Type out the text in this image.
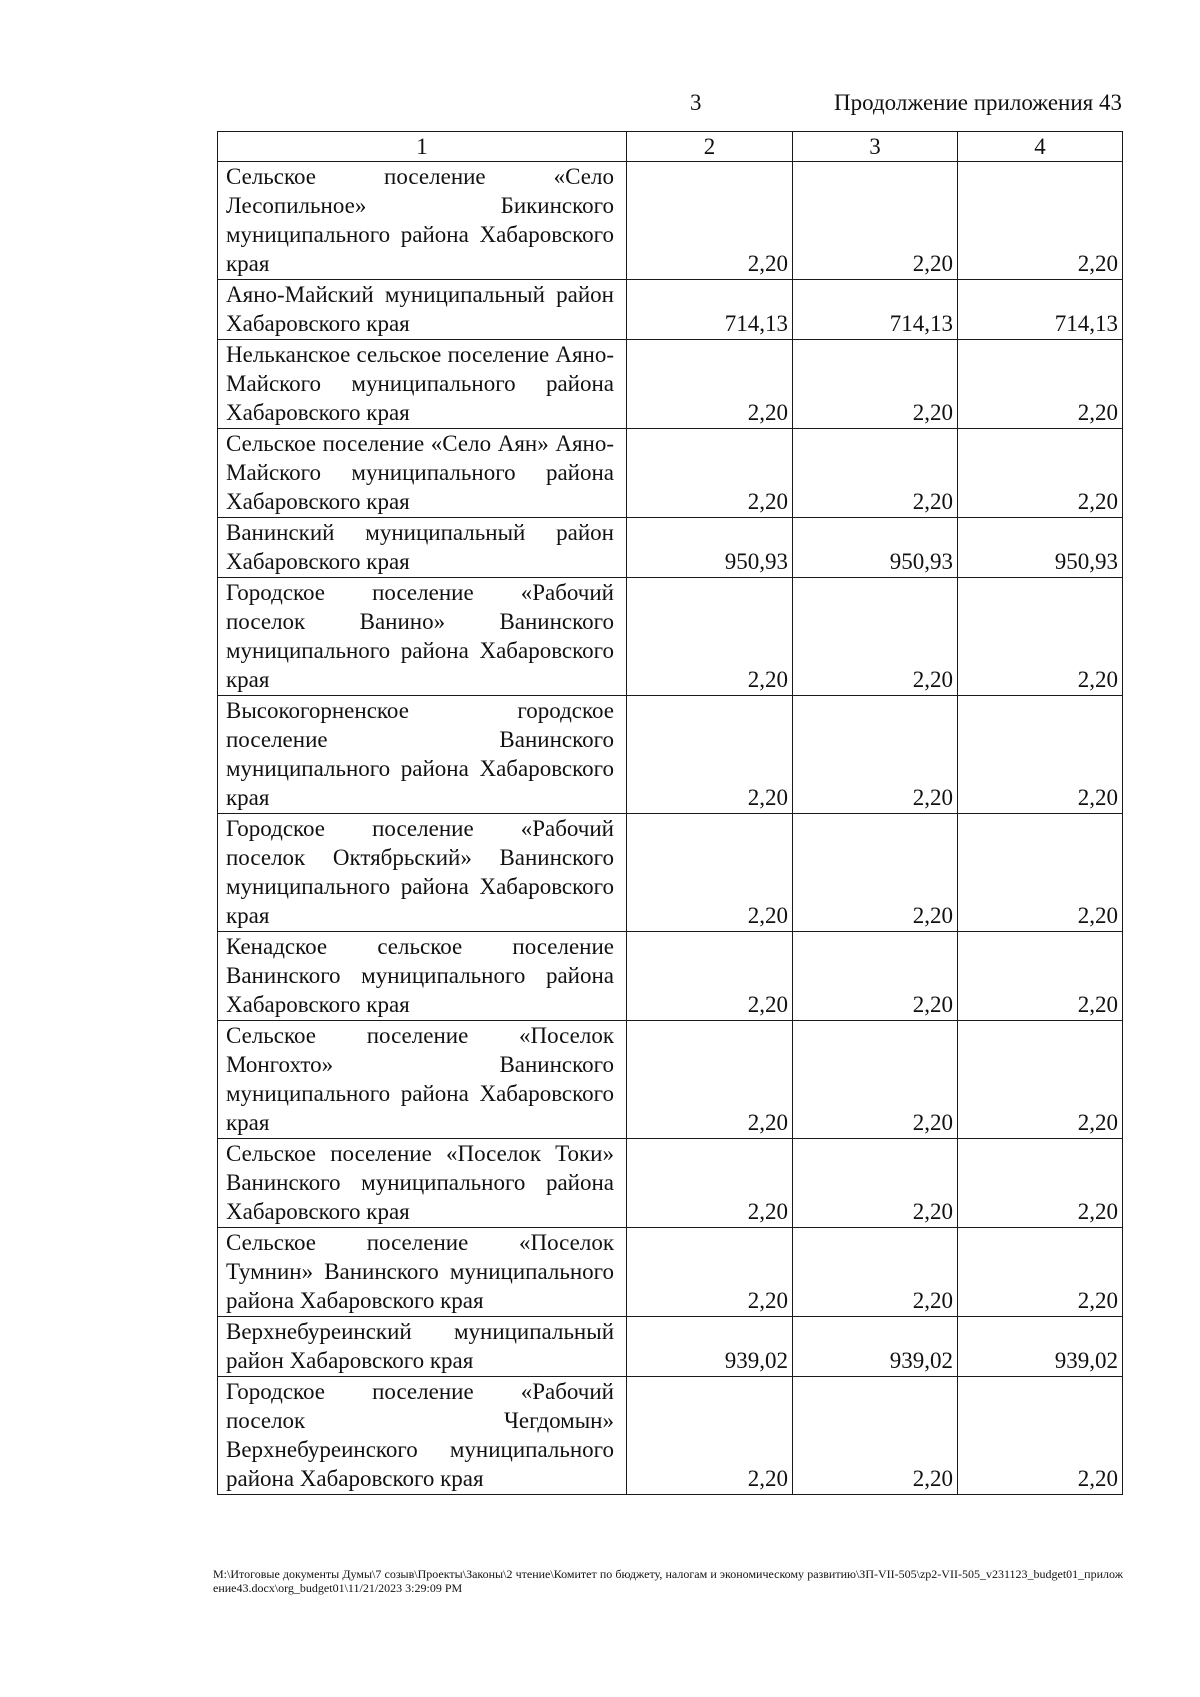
3	Продолжение приложения 43
1	2	3	4
Сельское поселение «Село Лесопильное» Бикинского муниципального района Хабаровского края	2,20	2,20	2,20
Аяно-Майский муниципальный район Хабаровского края	714,13	714,13	714,13
Нельканское сельское поселение Аяно-Майского муниципального района Хабаровского края	2,20	2,20	2,20
Сельское поселение «Село Аян» Аяно-Майского муниципального района Хабаровского края	2,20	2,20	2,20
Ванинский муниципальный район Хабаровского края	950,93	950,93	950,93
Городское поселение «Рабочий поселок Ванино» Ванинского муниципального района Хабаровского края	2,20	2,20	2,20
Высокогорненское городское поселение Ванинского муниципального района Хабаровского края	2,20	2,20	2,20
Городское поселение «Рабочий поселок Октябрьский» Ванинского муниципального района Хабаровского края	2,20	2,20	2,20
Кенадское сельское поселение Ванинского муниципального района Хабаровского края	2,20	2,20	2,20
Сельское поселение «Поселок Монгохто» Ванинского муниципального района Хабаровского края	2,20	2,20	2,20
Сельское поселение «Поселок Токи» Ванинского муниципального района Хабаровского края	2,20	2,20	2,20
Сельское поселение «Поселок Тумнин» Ванинского муниципального района Хабаровского края	2,20	2,20	2,20
Верхнебуреинский муниципальный район Хабаровского края	939,02	939,02	939,02
Городское поселение «Рабочий поселок Чегдомын» Верхнебуреинского муниципального района Хабаровского края	2,20	2,20	2,20
М:\Итоговые документы Думы\7 созыв\Проекты\Законы\2 чтение\Комитет по бюджету, налогам и экономическому развитию\ЗП-VII-505\zp2-VII-505_v231123_budget01_приложение43.docx\org_budget01\11/21/2023 3:29:09 PM
